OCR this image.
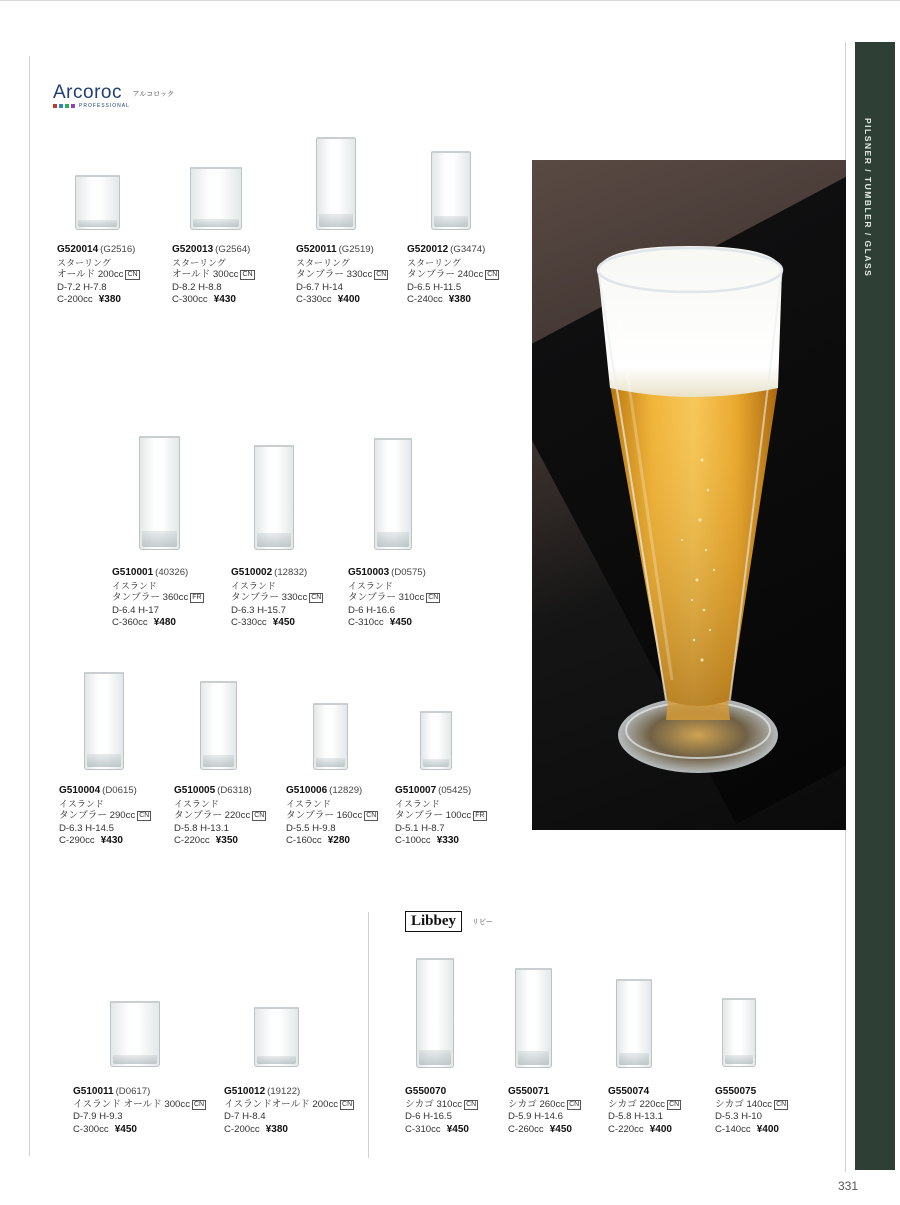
PILSNER / TUMBLER / GLASS
Arcoroc アルコロック
PROFESSIONAL
Libbey	リビー
G520014 (G2516)
スターリング
オールド 200cc CN
D-7.2 H-7.8
C-200cc ¥380
G520013 (G2564)
スターリング
オールド 300cc CN
D-8.2 H-8.8
C-300cc ¥430
G520011 (G2519)
スターリング
タンブラー 330cc CN
D-6.7 H-14
C-330cc ¥400
G520012 (G3474)
スターリング
タンブラー 240cc CN
D-6.5 H-11.5
C-240cc ¥380
G510001 (40326)
イスランド
タンブラー 360cc FR
D-6.4 H-17
C-360cc ¥480
G510002 (12832)
イスランド
タンブラー 330cc CN
D-6.3 H-15.7
C-330cc ¥450
G510003 (D0575)
イスランド
タンブラー 310cc CN
D-6 H-16.6
C-310cc ¥450
G510004 (D0615)
イスランド
タンブラー 290cc CN
D-6.3 H-14.5
C-290cc ¥430
G510005 (D6318)
イスランド
タンブラー 220cc CN
D-5.8 H-13.1
C-220cc ¥350
G510006 (12829)
イスランド
タンブラー 160cc CN
D-5.5 H-9.8
C-160cc ¥280
G510007 (05425)
イスランド
タンブラー 100cc FR
D-5.1 H-8.7
C-100cc ¥330
G510011 (D0617)
イスランド オールド 300cc CN
D-7.9 H-9.3
C-300cc ¥450
G510012 (19122)
イスランドオールド 200cc CN
D-7 H-8.4
C-200cc ¥380
G550070
シカゴ 310cc CN
D-6 H-16.5
C-310cc ¥450
G550071
シカゴ 260cc CN
D-5.9 H-14.6
C-260cc ¥450
G550074
シカゴ 220cc CN
D-5.8 H-13.1
C-220cc ¥400
G550075
シカゴ 140cc CN
D-5.3 H-10
C-140cc ¥400
331
